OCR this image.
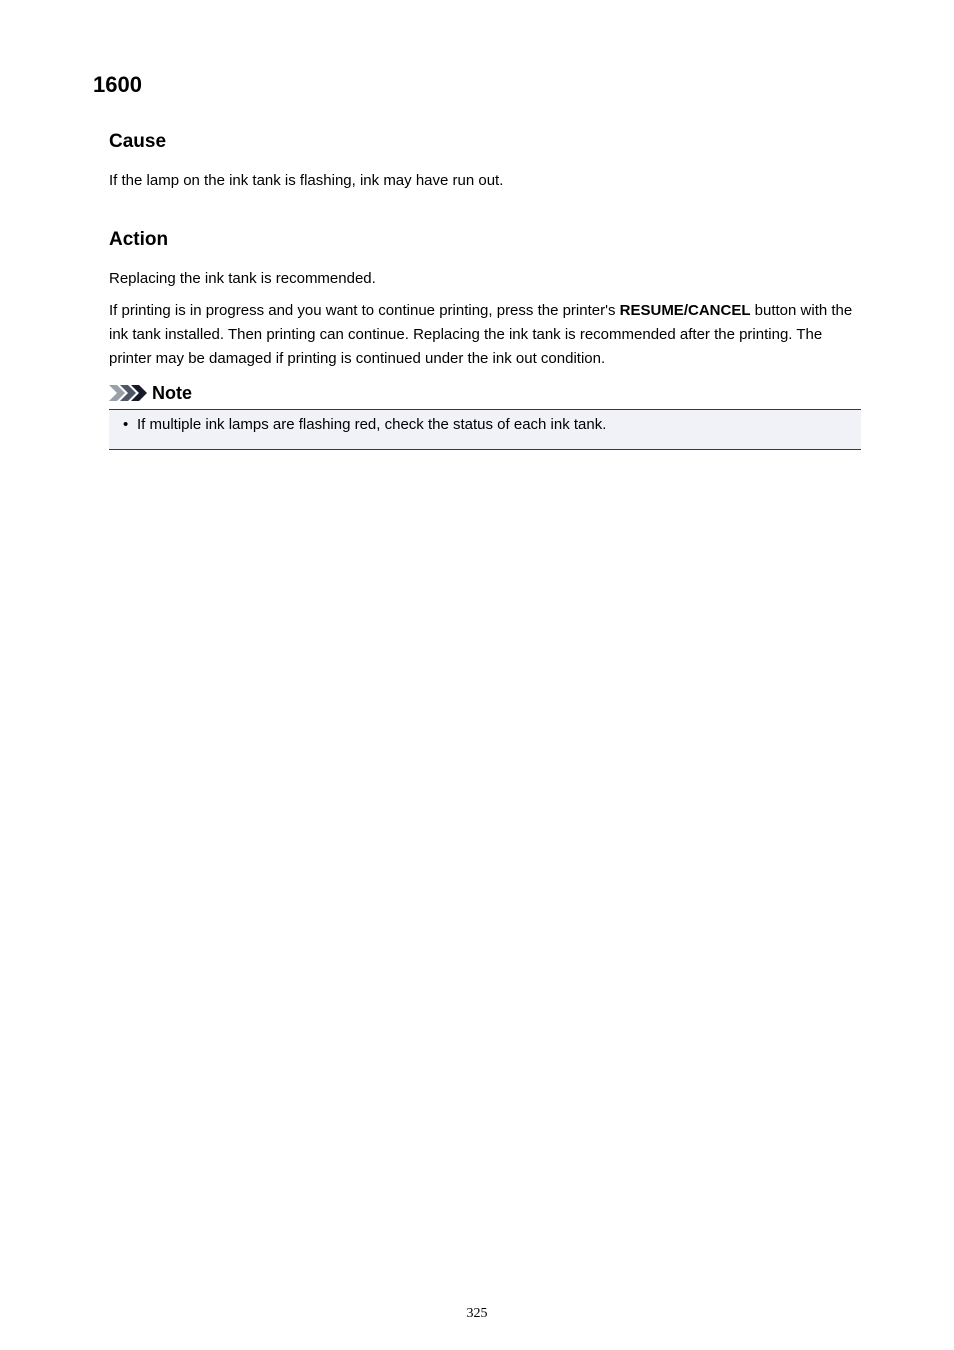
1600
Cause

If the lamp on the ink tank is flashing, ink may have run out.

Action

Replacing the ink tank is recommended.

If printing is in progress and you want to continue printing, press the printer's RESUME/CANCEL button with the ink tank installed. Then printing can continue. Replacing the ink tank is recommended after the printing. The printer may be damaged if printing is continued under the ink out condition.

Note
• If multiple ink lamps are flashing red, check the status of each ink tank.
325
